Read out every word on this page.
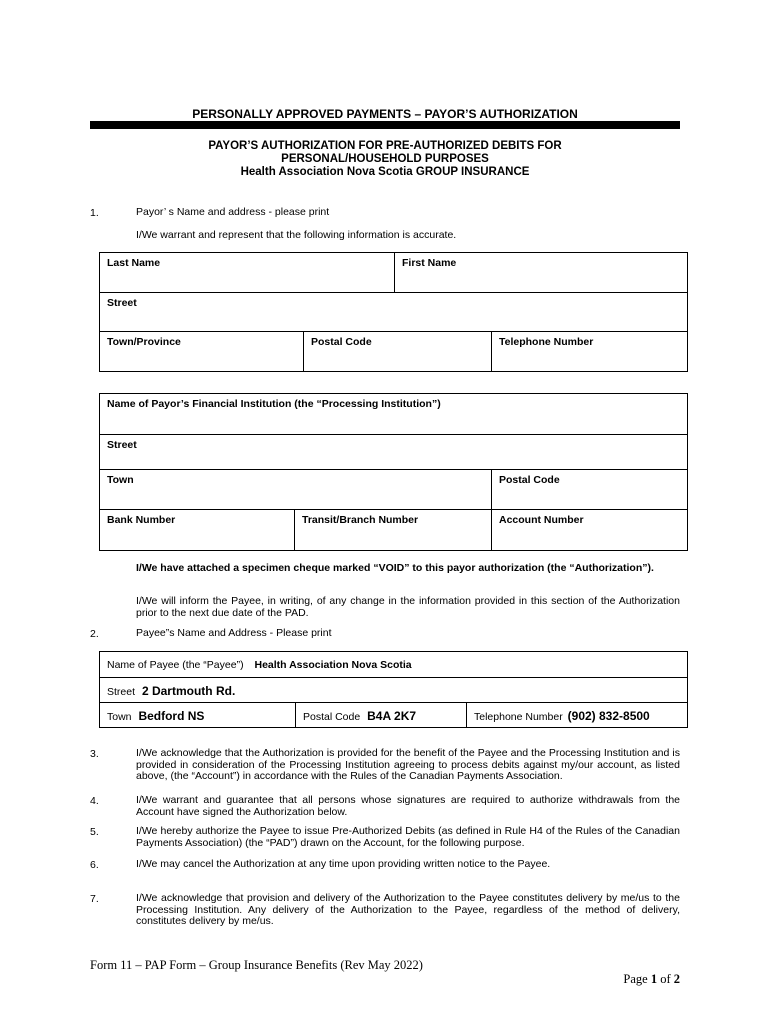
PERSONALLY APPROVED PAYMENTS – PAYOR’S AUTHORIZATION
PAYOR’S AUTHORIZATION FOR PRE-AUTHORIZED DEBITS FOR
PERSONAL/HOUSEHOLD PURPOSES
Health Association Nova Scotia GROUP INSURANCE
1.	Payor’ s Name and address - please print
I/We warrant and represent that the following information is accurate.
Last Name	First Name
Street
Town/Province	Postal Code	Telephone Number
Name of Payor’s Financial Institution (the “Processing Institution”)
Street
Town	Postal Code
Bank Number	Transit/Branch Number	Account Number
I/We have attached a specimen cheque marked “VOID” to this payor authorization (the “Authorization”).
I/We will inform the Payee, in writing, of any change in the information provided in this section of the Authorization prior to the next due date of the PAD.
2.	Payee”s Name and Address - Please print
Name of Payee (the “Payee”) Health Association Nova Scotia
Street 2 Dartmouth Rd.
Town Bedford NS	Postal Code B4A 2K7	Telephone Number (902) 832-8500
3.	I/We acknowledge that the Authorization is provided for the benefit of the Payee and the Processing Institution and is provided in consideration of the Processing Institution agreeing to process debits against my/our account, as listed above, (the “Account”) in accordance with the Rules of the Canadian Payments Association.
4.	I/We warrant and guarantee that all persons whose signatures are required to authorize withdrawals from the Account have signed the Authorization below.
5.	I/We hereby authorize the Payee to issue Pre-Authorized Debits (as defined in Rule H4 of the Rules of the Canadian Payments Association) (the “PAD”) drawn on the Account, for the following purpose.
6.	I/We may cancel the Authorization at any time upon providing written notice to the Payee.
7.	I/We acknowledge that provision and delivery of the Authorization to the Payee constitutes delivery by me/us to the Processing Institution. Any delivery of the Authorization to the Payee, regardless of the method of delivery, constitutes delivery by me/us.
Form 11 – PAP Form – Group Insurance Benefits (Rev May 2022)
Page 1 of 2
